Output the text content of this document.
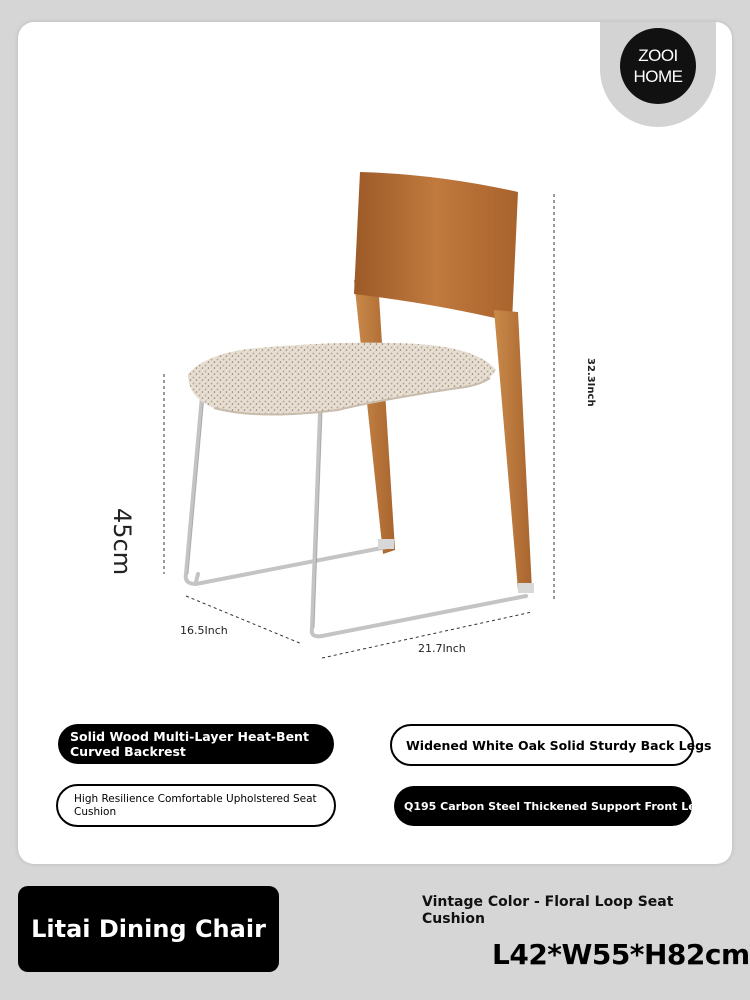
ZOOI
HOME
45cm
32.3Inch
16.5Inch
21.7Inch
Solid Wood Multi-Layer Heat-Bent Curved Backrest	Widened White Oak Solid Sturdy Back Legs
High Resilience Comfortable Upholstered Seat Cushion	Q195 Carbon Steel Thickened Support Front Legs
Litai Dining Chair
Vintage Color - Floral Loop Seat Cushion
L42*W55*H82cm
